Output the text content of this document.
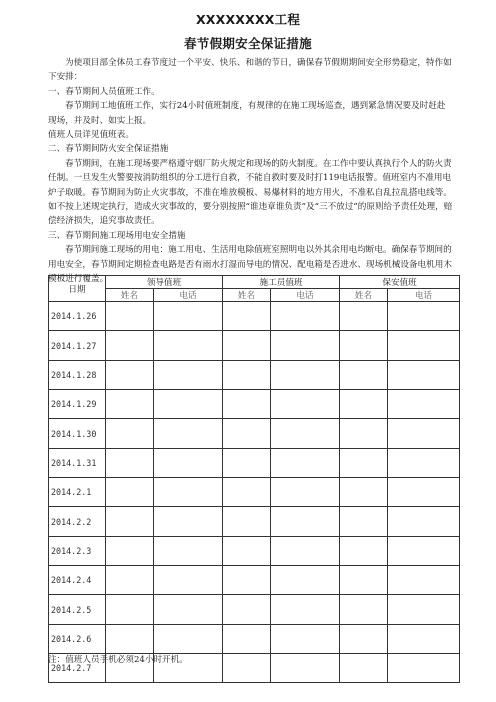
XXXXXXXX工程
春节假期安全保证措施

为使项目部全体员工春节度过一个平安、快乐、和谐的节日，确保春节假期期间安全形势稳定，特作如下安排：

一、春节期间人员值班工作。

春节期间工地值班工作，实行24小时值班制度，有规律的在施工现场巡查，遇到紧急情况要及时赶赴现场，并及时、如实上报。

值班人员详见值班表。

二、春节期间防火安全保证措施

春节期间，在施工现场要严格遵守烟厂防火规定和现场的防火制度。在工作中要认真执行个人的防火责任制。一旦发生火警要按消防组织的分工进行自救，不能自救时要及时打119电话报警。值班室内不准用电炉子取暖。春节期间为防止火灾事故，不准在堆放模板、易爆材料的地方用火，不准私自乱拉乱搭电线等。如不按上述规定执行，造成火灾事故的，要分别按照“谁违章谁负责”及“三不放过”的原则给予责任处理，赔偿经济损失，追究事故责任。

三、春节期间施工现场用电安全措施

春节期间施工现场的用电：施工用电、生活用电除值班室照明电以外其余用电均断电。确保春节期间的用电安全，春节期间定期检查电路是否有雨水打湿而导电的情况、配电箱是否进水、现场机械设备电机用木模板进行覆盖。

日期	领导值班		施工员值班		保安值班	
	姓名	电话	姓名	电话	姓名	电话
2014.1.26						
2014.1.27						
2014.1.28						
2014.1.29						
2014.1.30						
2014.1.31						
2014.2.1						
2014.2.2						
2014.2.3						
2014.2.4						
2014.2.5						
2014.2.6						
2014.2.7						
注：值班人员手机必须24小时开机。
